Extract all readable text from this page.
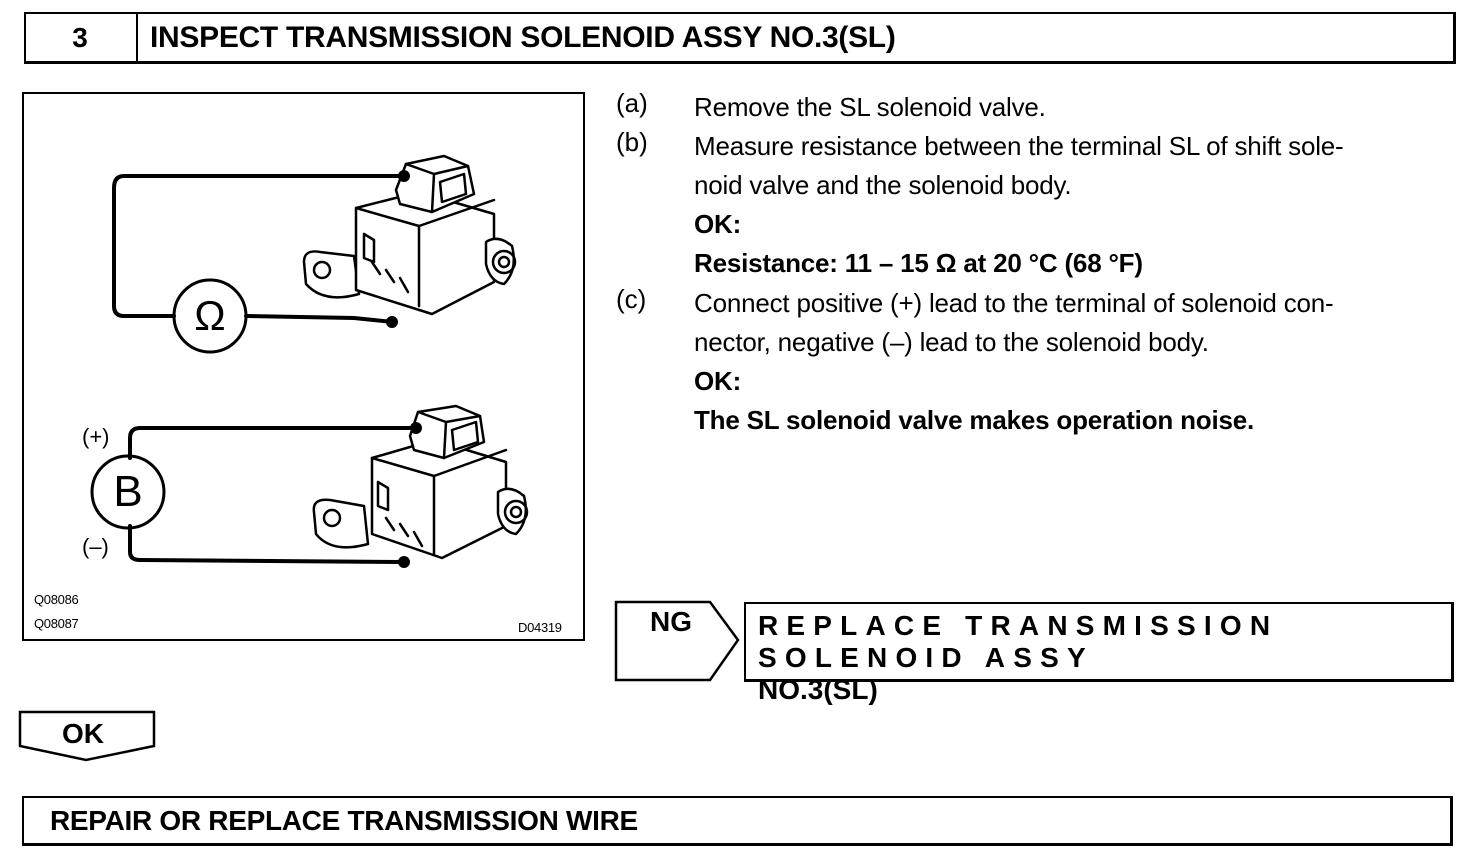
3	INSPECT TRANSMISSION SOLENOID ASSY NO.3(SL)
Ω
B
(+)
(–)
Q08086
Q08087	D04319
(a) Remove the SL solenoid valve.
(b) Measure resistance between the terminal SL of shift sole-
noid valve and the solenoid body.
OK:
Resistance: 11 – 15 Ω at 20 °C (68 °F)
(c) Connect positive (+) lead to the terminal of solenoid con-
nector, negative (–) lead to the solenoid body.
OK:
The SL solenoid valve makes operation noise.
NG REPLACE TRANSMISSION SOLENOID ASSY
NO.3(SL)
OK
REPAIR OR REPLACE TRANSMISSION WIRE
